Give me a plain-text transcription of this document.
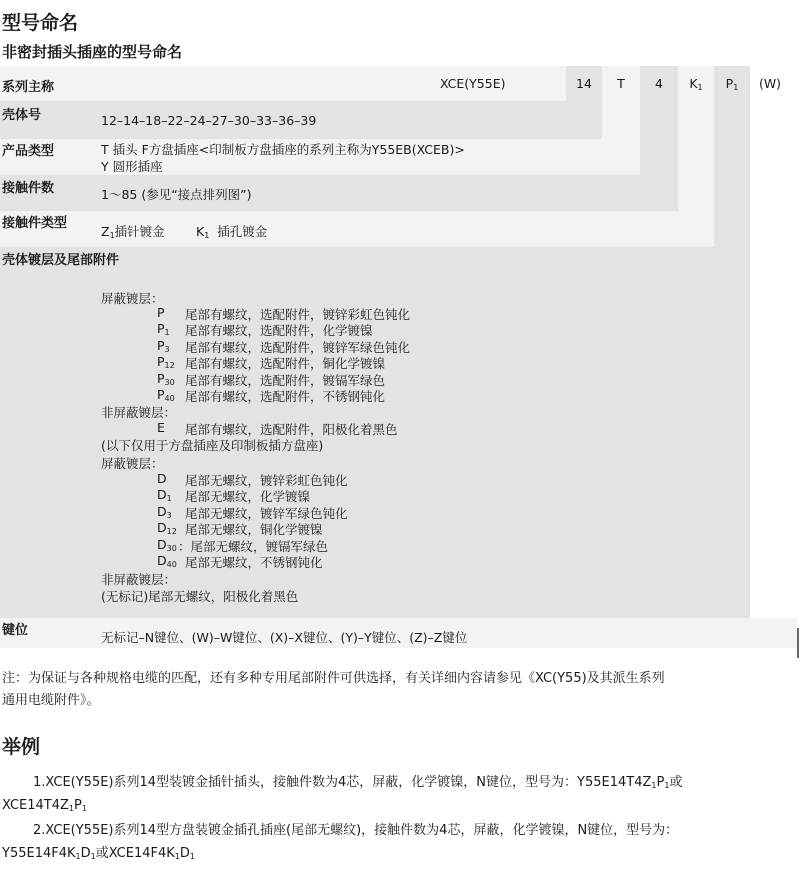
型号命名
非密封插头插座的型号命名
系列主称	XCE(Y55E)	14	T	4	$K_1$	$P_1$	(W)
壳体号	12–14–18–22–24–27–30–33–36–39
产品类型	T 插头 F方盘插座<印制板方盘插座的系列主称为Y55EB(XCEB)>
Y 圆形插座
接触件数	1～85 (参见“接点排列图”)
接触件类型
$Z_1$插针镀金	$K_1$ 插孔镀金
壳体镀层及尾部附件
屏蔽镀层：
P 尾部有螺纹，选配附件，镀锌彩虹色钝化
$P_1$ 尾部有螺纹，选配附件，化学镀镍
$P_3$ 尾部有螺纹，选配附件，镀锌军绿色钝化
$P_{12}$ 尾部有螺纹，选配附件，铜化学镀镍
$P_{30}$ 尾部有螺纹，选配附件，镀镉军绿色
$P_{40}$ 尾部有螺纹，选配附件，不锈钢钝化
非屏蔽镀层：
E 尾部有螺纹，选配附件，阳极化着黑色
(以下仅用于方盘插座及印制板插方盘座)
屏蔽镀层：
D 尾部无螺纹，镀锌彩虹色钝化
$D_1$ 尾部无螺纹，化学镀镍
$D_3$ 尾部无螺纹，镀锌军绿色钝化
$D_{12}$ 尾部无螺纹，铜化学镀镍
$D_{30}$ ：尾部无螺纹，镀镉军绿色
$D_{40}$ 尾部无螺纹，不锈钢钝化
非屏蔽镀层：
(无标记)尾部无螺纹，阳极化着黑色
键位	无标记–N键位、(W)–W键位、(X)–X键位、(Y)–Y键位、(Z)–Z键位
注：为保证与各种规格电缆的匹配，还有多种专用尾部附件可供选择，有关详细内容请参见《XC(Y55)及其派生系列
通用电缆附件》。
举例
1.XCE(Y55E)系列14型装镀金插针插头，接触件数为4芯，屏蔽，化学镀镍，N键位，型号为：$Y55E14T4Z_1P_1$或
$XCE14T4Z_1P_1$
2.XCE(Y55E)系列14型方盘装镀金插孔插座(尾部无螺纹)，接触件数为4芯，屏蔽，化学镀镍，N键位，型号为：
$Y55E14F4K_1D_1$或$XCE14F4K_1D_1$
